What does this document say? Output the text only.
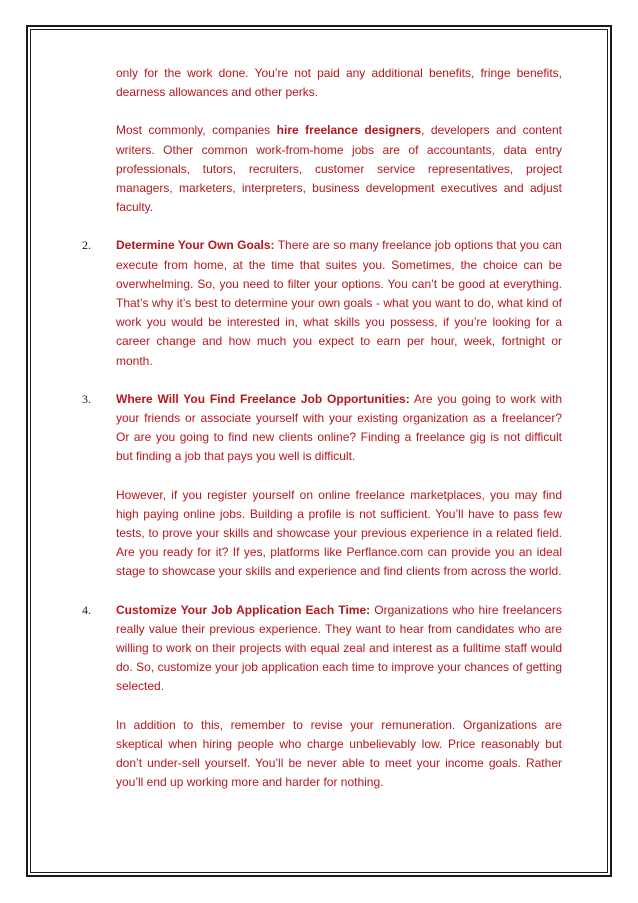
only for the work done. You’re not paid any additional benefits, fringe benefits, dearness allowances and other perks.

Most commonly, companies hire freelance designers, developers and content writers. Other common work-from-home jobs are of accountants, data entry professionals, tutors, recruiters, customer service representatives, project managers, marketers, interpreters, business development executives and adjust faculty.

2.	Determine Your Own Goals: There are so many freelance job options that you can execute from home, at the time that suites you. Sometimes, the choice can be overwhelming. So, you need to filter your options. You can’t be good at everything. That’s why it’s best to determine your own goals - what you want to do, what kind of work you would be interested in, what skills you possess, if you’re looking for a career change and how much you expect to earn per hour, week, fortnight or month.
3.	Where Will You Find Freelance Job Opportunities: Are you going to work with your friends or associate yourself with your existing organization as a freelancer? Or are you going to find new clients online? Finding a freelance gig is not difficult but finding a job that pays you well is difficult.

However, if you register yourself on online freelance marketplaces, you may find high paying online jobs. Building a profile is not sufficient. You’ll have to pass few tests, to prove your skills and showcase your previous experience in a related field. Are you ready for it? If yes, platforms like Perflance.com can provide you an ideal stage to showcase your skills and experience and find clients from across the world.

4.	Customize Your Job Application Each Time: Organizations who hire freelancers really value their previous experience. They want to hear from candidates who are willing to work on their projects with equal zeal and interest as a fulltime staff would do. So, customize your job application each time to improve your chances of getting selected.

In addition to this, remember to revise your remuneration. Organizations are skeptical when hiring people who charge unbelievably low. Price reasonably but don’t under-sell yourself. You’ll be never able to meet your income goals. Rather you’ll end up working more and harder for nothing.
